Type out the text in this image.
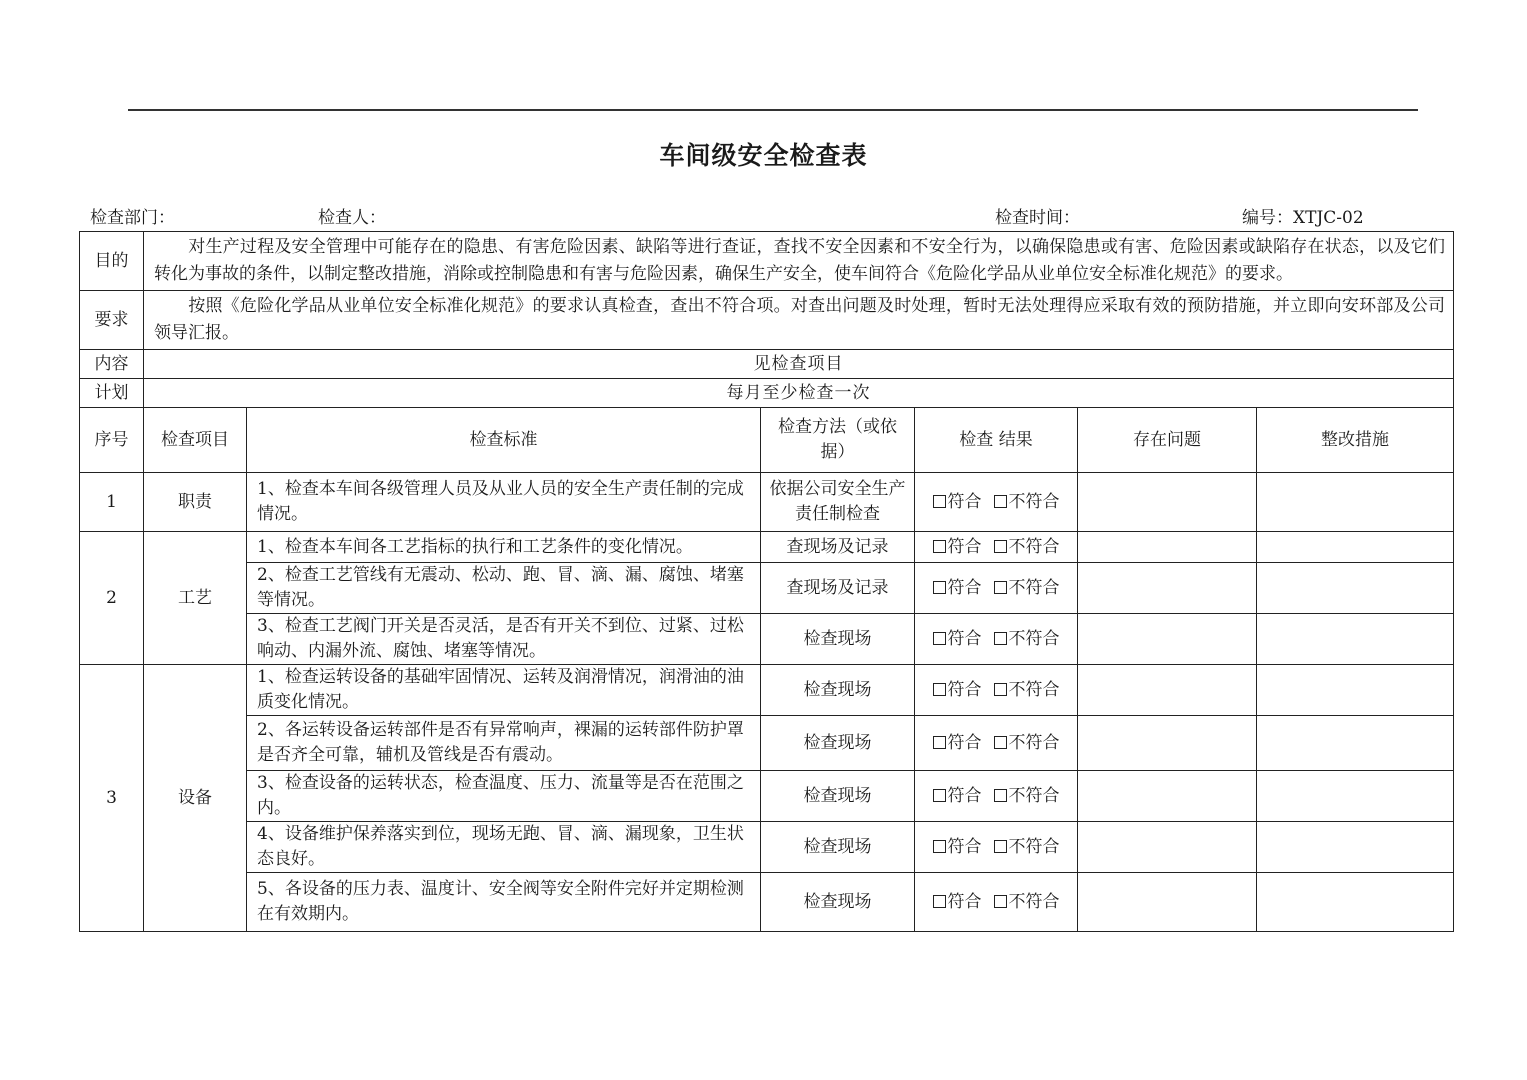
车间级安全检查表
检查部门：	检查人：	检查时间：	编号：XTJC-02
目的	对生产过程及安全管理中可能存在的隐患、有害危险因素、缺陷等进行查证，查找不安全因素和不安全行为，以确保隐患或有害、危险因素或缺陷存在状态，以及它们转化为事故的条件，以制定整改措施，消除或控制隐患和有害与危险因素，确保生产安全，使车间符合《危险化学品从业单位安全标准化规范》的要求。					
要求	按照《危险化学品从业单位安全标准化规范》的要求认真检查，查出不符合项。对查出问题及时处理，暂时无法处理得应采取有效的预防措施，并立即向安环部及公司领导汇报。					
内容	见检查项目					
计划	每月至少检查一次					
序号	检查项目	检查标准	检查方法（或依据）	检查 结果	存在问题	整改措施
1	职责	1、检查本车间各级管理人员及从业人员的安全生产责任制的完成情况。	依据公司安全生产责任制检查	符合 不符合		
2	工艺	1、检查本车间各工艺指标的执行和工艺条件的变化情况。	查现场及记录	符合 不符合		
		2、检查工艺管线有无震动、松动、跑、冒、滴、漏、腐蚀、堵塞等情况。	查现场及记录	符合 不符合		
		3、检查工艺阀门开关是否灵活，是否有开关不到位、过紧、过松响动、内漏外流、腐蚀、堵塞等情况。	检查现场	符合 不符合		
3	设备	1、检查运转设备的基础牢固情况、运转及润滑情况，润滑油的油质变化情况。	检查现场	符合 不符合		
		2、各运转设备运转部件是否有异常响声，裸漏的运转部件防护罩是否齐全可靠，辅机及管线是否有震动。	检查现场	符合 不符合		
		3、检查设备的运转状态，检查温度、压力、流量等是否在范围之内。	检查现场	符合 不符合		
		4、设备维护保养落实到位，现场无跑、冒、滴、漏现象，卫生状态良好。	检查现场	符合 不符合		
		5、各设备的压力表、温度计、安全阀等安全附件完好并定期检测在有效期内。	检查现场	符合 不符合		
